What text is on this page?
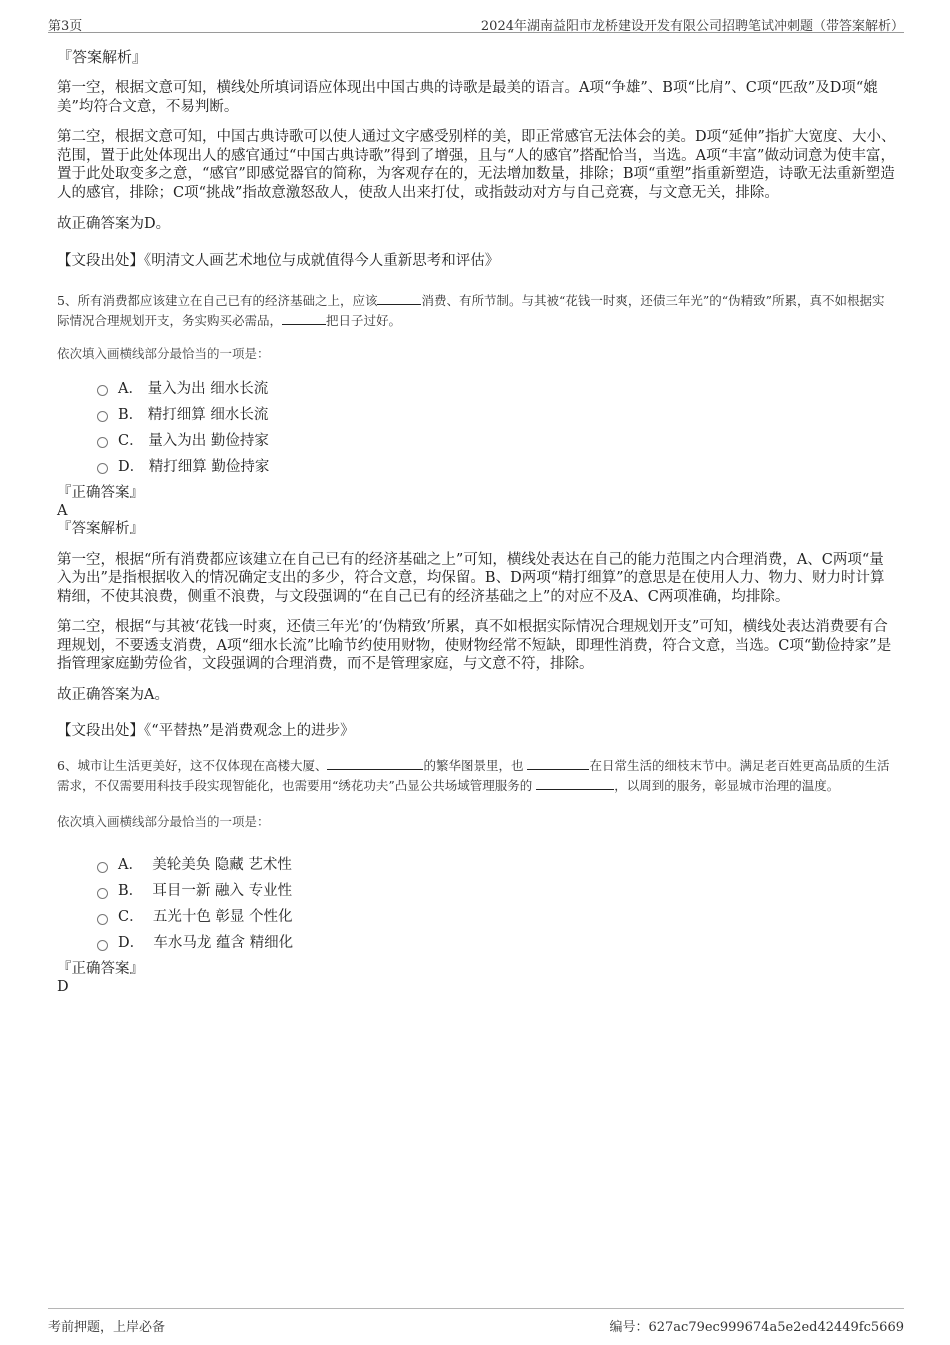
第3页	2024年湖南益阳市龙桥建设开发有限公司招聘笔试冲刺题（带答案解析）
『答案解析』

第一空，根据文意可知，横线处所填词语应体现出中国古典的诗歌是最美的语言。A项“争雄”、B项“比肩”、C项“匹敌”及D项“媲美”均符合文意，不易判断。

第二空，根据文意可知，中国古典诗歌可以使人通过文字感受别样的美，即正常感官无法体会的美。D项“延伸”指扩大宽度、大小、范围，置于此处体现出人的感官通过“中国古典诗歌”得到了增强，且与“人的感官”搭配恰当，当选。A项“丰富”做动词意为使丰富，置于此处取变多之意，“感官”即感觉器官的简称，为客观存在的，无法增加数量，排除；B项“重塑”指重新塑造，诗歌无法重新塑造人的感官，排除；C项“挑战”指故意激怒敌人，使敌人出来打仗，或指鼓动对方与自己竞赛，与文意无关，排除。

故正确答案为D。

【文段出处】《明清文人画艺术地位与成就值得今人重新思考和评估》

5、所有消费都应该建立在自己已有的经济基础之上，应该	消费、有所节制。与其被“花钱一时爽，还债三年光”的“伪精致”所累，真不如根据实际情况合理规划开支，务实购买必需品，	把日子过好。

依次填入画横线部分最恰当的一项是：

A．
量入为出 细水长流
B．
精打细算 细水长流
C．
量入为出 勤俭持家
D．
精打细算 勤俭持家

『正确答案』

A

『答案解析』

第一空，根据“所有消费都应该建立在自己已有的经济基础之上”可知，横线处表达在自己的能力范围之内合理消费，A、C两项“量入为出”是指根据收入的情况确定支出的多少，符合文意，均保留。B、D两项“精打细算”的意思是在使用人力、物力、财力时计算精细，不使其浪费，侧重不浪费，与文段强调的“在自己已有的经济基础之上”的对应不及A、C两项准确，均排除。

第二空，根据“与其被‘花钱一时爽，还债三年光’的‘伪精致’所累，真不如根据实际情况合理规划开支”可知，横线处表达消费要有合理规划，不要透支消费，A项“细水长流”比喻节约使用财物，使财物经常不短缺，即理性消费，符合文意，当选。C项“勤俭持家”是指管理家庭勤劳俭省，文段强调的合理消费，而不是管理家庭，与文意不符，排除。

故正确答案为A。

【文段出处】《“平替热”是消费观念上的进步》

6、城市让生活更美好，这不仅体现在高楼大厦、	的繁华图景里，也	在日常生活的细枝末节中。满足老百姓更高品质的生活需求，不仅需要用科技手段实现智能化，也需要用“绣花功夫”凸显公共场域管理服务的	，以周到的服务，彰显城市治理的温度。

依次填入画横线部分最恰当的一项是：

A．
美轮美奂 隐藏 艺术性
B．
耳目一新 融入 专业性
C．
五光十色 彰显 个性化
D．
车水马龙 蕴含 精细化

『正确答案』

D

考前押题，上岸必备	编号：627ac79ec999674a5e2ed42449fc5669
